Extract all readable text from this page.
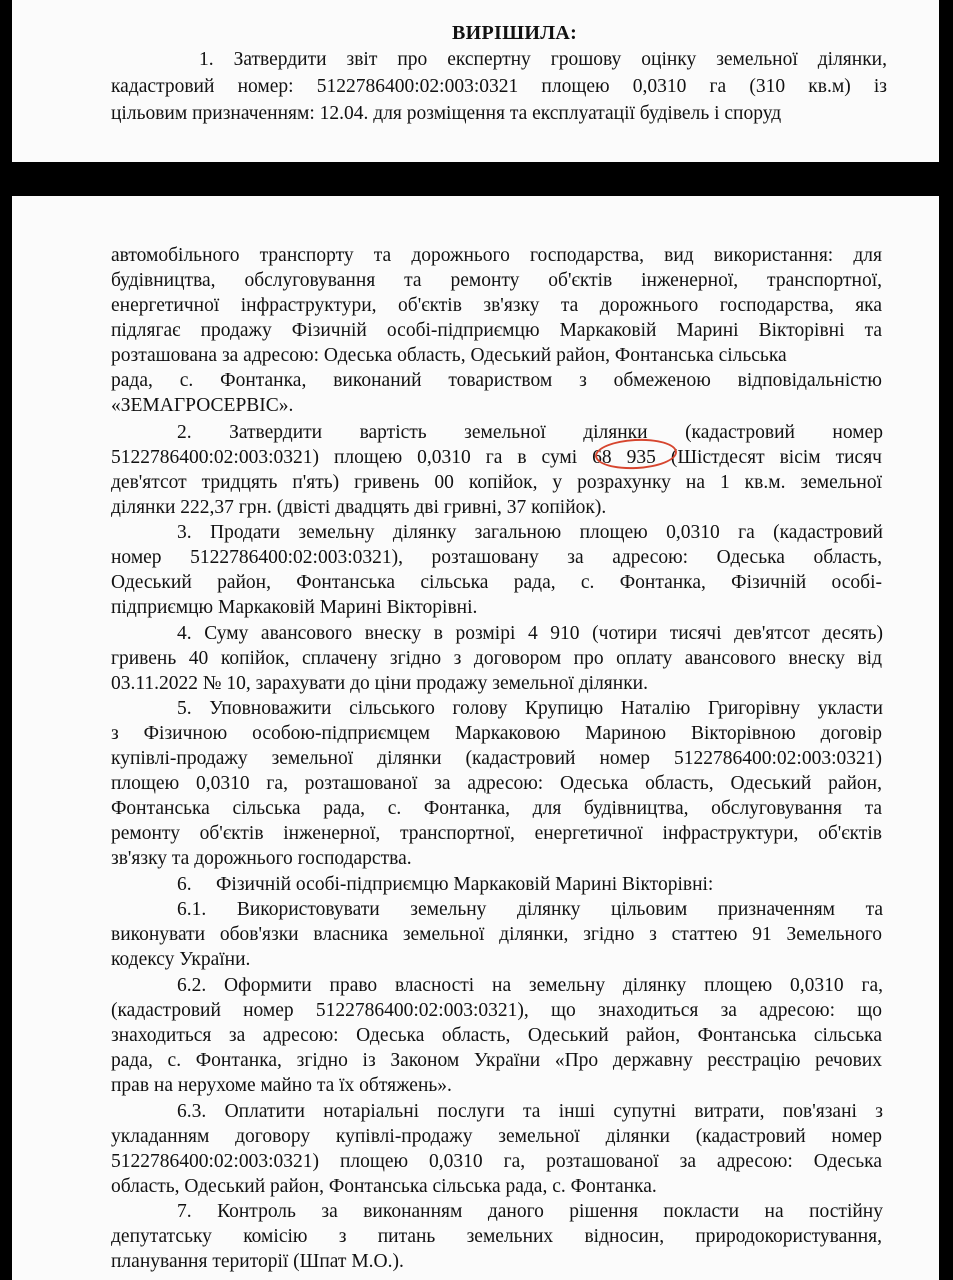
ВИРІШИЛА:
1. Затвердити звіт про експертну грошову оцінку земельної ділянки,
кадастровий номер: 5122786400:02:003:0321 площею 0,0310 га (310 кв.м) із
цільовим призначенням: 12.04. для розміщення та експлуатації будівель і споруд
автомобільного транспорту та дорожнього господарства, вид використання: для
будівництва, обслуговування та ремонту об'єктів інженерної, транспортної,
енергетичної інфраструктури, об'єктів зв'язку та дорожнього господарства, яка
підлягає продажу Фізичній особі-підприємцю Маркаковій Марині Вікторівні та
розташована за адресою: Одеська область, Одеський район, Фонтанська сільська
рада, с. Фонтанка, виконаний товариством з обмеженою відповідальністю
«ЗЕМАГРОСЕРВІС».
2. Затвердити вартість земельної ділянки (кадастровий номер
5122786400:02:003:0321) площею 0,0310 га в сумі 68 935 (Шістдесят вісім тисяч
дев'ятсот тридцять п'ять) гривень 00 копійок, у розрахунку на 1 кв.м. земельної
ділянки 222,37 грн. (двісті двадцять дві гривні, 37 копійок).
3. Продати земельну ділянку загальною площею 0,0310 га (кадастровий
номер 5122786400:02:003:0321), розташовану за адресою: Одеська область,
Одеський район, Фонтанська сільська рада, с. Фонтанка, Фізичній особі-
підприємцю Маркаковій Марині Вікторівні.
4. Суму авансового внеску в розмірі 4 910 (чотири тисячі дев'ятсот десять)
гривень 40 копійок, сплачену згідно з договором про оплату авансового внеску від
03.11.2022 № 10, зарахувати до ціни продажу земельної ділянки.
5. Уповноважити сільського голову Крупицю Наталію Григорівну укласти
з Фізичною особою-підприємцем Маркаковою Мариною Вікторівною договір
купівлі-продажу земельної ділянки (кадастровий номер 5122786400:02:003:0321)
площею 0,0310 га, розташованої за адресою: Одеська область, Одеський район,
Фонтанська сільська рада, с. Фонтанка, для будівництва, обслуговування та
ремонту об'єктів інженерної, транспортної, енергетичної інфраструктури, об'єктів
зв'язку та дорожнього господарства.
6.     Фізичній особі-підприємцю Маркаковій Марині Вікторівні:
6.1. Використовувати земельну ділянку цільовим призначенням та
виконувати обов'язки власника земельної ділянки, згідно з статтею 91 Земельного
кодексу України.
6.2. Оформити право власності на земельну ділянку площею 0,0310 га,
(кадастровий номер 5122786400:02:003:0321), що знаходиться за адресою: що
знаходиться за адресою: Одеська область, Одеський район, Фонтанська сільська
рада, с. Фонтанка, згідно із Законом України «Про державну реєстрацію речових
прав на нерухоме майно та їх обтяжень».
6.3. Оплатити нотаріальні послуги та інші супутні витрати, пов'язані з
укладанням договору купівлі-продажу земельної ділянки (кадастровий номер
5122786400:02:003:0321) площею 0,0310 га, розташованої за адресою: Одеська
область, Одеський район, Фонтанська сільська рада, с. Фонтанка.
7. Контроль за виконанням даного рішення покласти на постійну
депутатську комісію з питань земельних відносин, природокористування,
планування території (Шпат М.О.).
